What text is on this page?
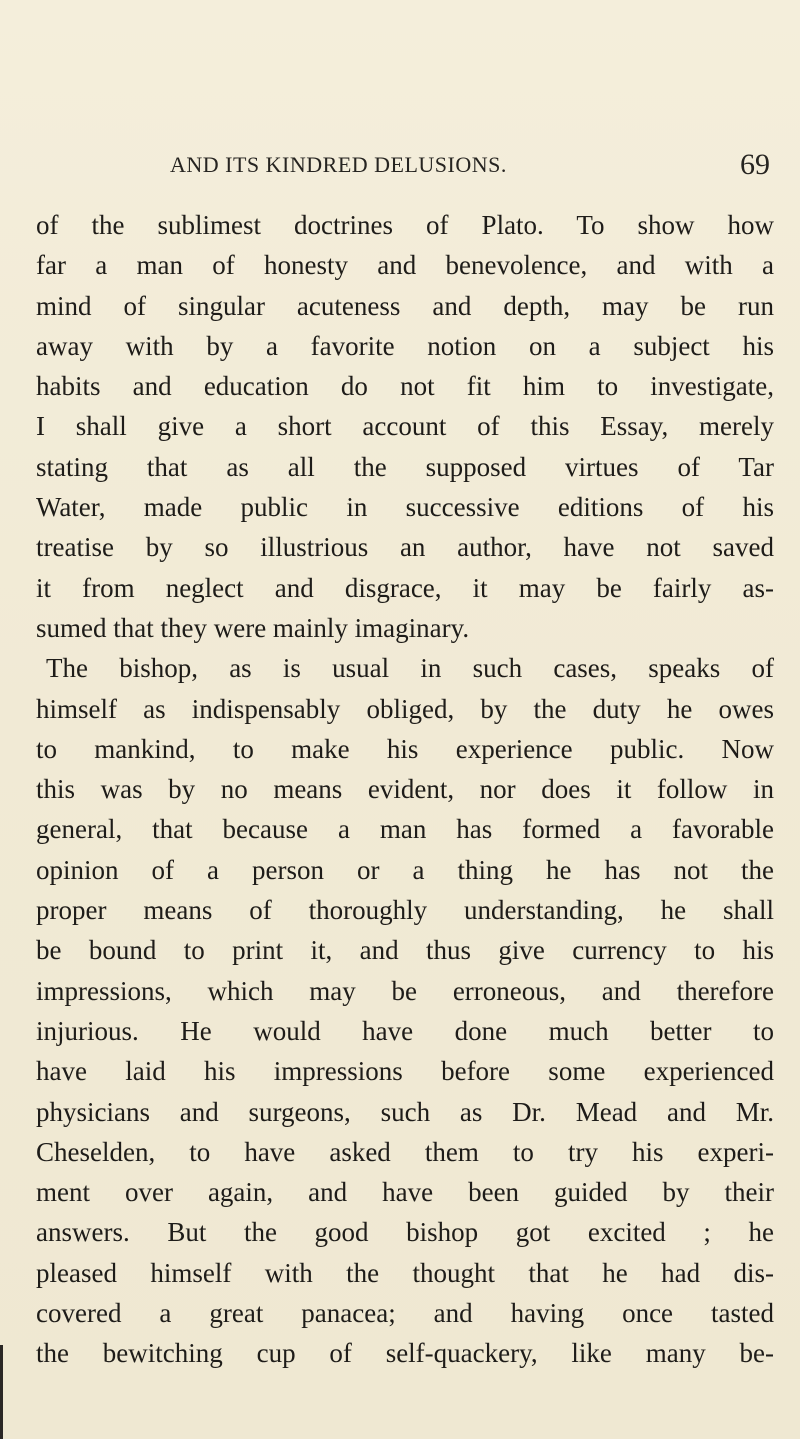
AND ITS KINDRED DELUSIONS.	69
of the sublimest doctrines of Plato. To show how
far a man of honesty and benevolence, and with a
mind of singular acuteness and depth, may be run
away with by a favorite notion on a subject his
habits and education do not fit him to investigate,
I shall give a short account of this Essay, merely
stating that as all the supposed virtues of Tar
Water, made public in successive editions of his
treatise by so illustrious an author, have not saved
it from neglect and disgrace, it may be fairly as-
sumed that they were mainly imaginary.
The bishop, as is usual in such cases, speaks of
himself as indispensably obliged, by the duty he owes
to mankind, to make his experience public. Now
this was by no means evident, nor does it follow in
general, that because a man has formed a favorable
opinion of a person or a thing he has not the
proper means of thoroughly understanding, he shall
be bound to print it, and thus give currency to his
impressions, which may be erroneous, and therefore
injurious. He would have done much better to
have laid his impressions before some experienced
physicians and surgeons, such as Dr. Mead and Mr.
Cheselden, to have asked them to try his experi-
ment over again, and have been guided by their
answers. But the good bishop got excited ; he
pleased himself with the thought that he had dis-
covered a great panacea; and having once tasted
the bewitching cup of self-quackery, like many be-
